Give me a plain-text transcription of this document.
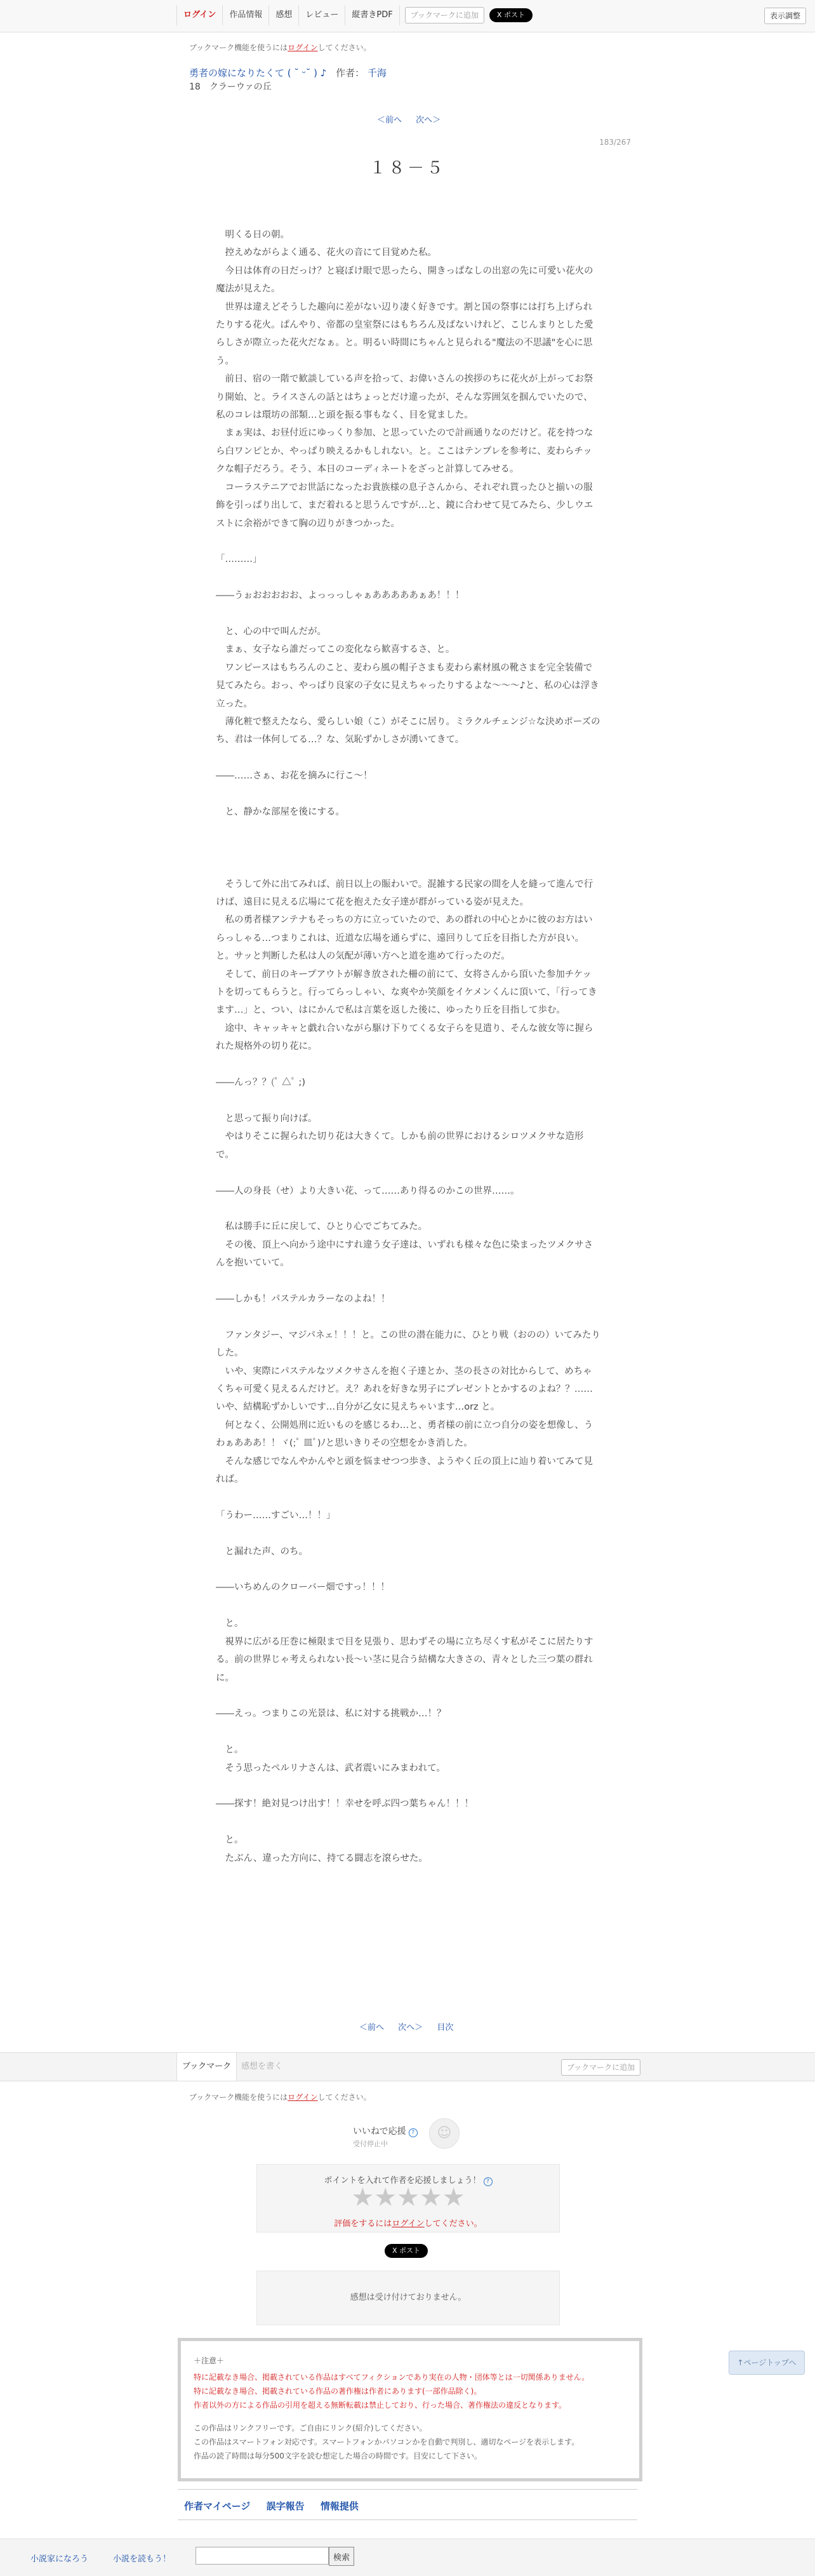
ログイン	作品情報	感想	レビュー	縦書きPDF	ブックマークに追加	X ポスト	表示調整
ブックマーク機能を使うにはログインしてください。
勇者の嫁になりたくて ( ˘ ᵕ˘ ) ♪ 作者： 千海
18　クラーウァの丘
＜前へ 次へ＞
183/267
１８－５

　明くる日の朝。

　控えめながらよく通る、花火の音にて目覚めた私。

　今日は体育の日だっけ？と寝ぼけ眼で思ったら、開きっぱなしの出窓の先に可愛い花火の魔法が見えた。

　世界は違えどそうした趣向に差がない辺り凄く好きです。割と国の祭事には打ち上げられたりする花火。ぱんやり、帝都の皇室祭にはもちろん及ばないけれど、こじんまりとした愛らしさが際立った花火だなぁ。と。明るい時間にちゃんと見られる"魔法の不思議"を心に思う。

　前日、宿の一階で歓談している声を拾って、お偉いさんの挨拶のちに花火が上がってお祭り開始、と。ライスさんの話とはちょっとだけ違ったが、そんな雰囲気を掴んでいたので、私のコレは環坊の部類…と頭を振る事もなく、目を覚ました。

　まぁ実は、お昼付近にゆっくり参加、と思っていたので計画通りなのだけど。花を持つなら白ワンピとか、やっぱり映えるかもしれない。と。ここはテンプレを参考に、麦わらチックな帽子だろう。そう、本日のコーディネートをざっと計算してみせる。

　コーラステニアでお世話になったお貴族様の息子さんから、それぞれ貰ったひと揃いの服飾を引っぱり出して、まだ着れると思うんですが…と、鏡に合わせて見てみたら、少しウエストに余裕ができて胸の辺りがきつかった。

「………」

――うぉおおおおお、よっっっしゃぁあああああぁあ！！！

　と、心の中で叫んだが。

　まぁ、女子なら誰だってこの変化なら歓喜するさ、と。

　ワンピースはもちろんのこと、麦わら風の帽子さまも麦わら素材風の靴さまを完全装備で見てみたら。おっ、やっぱり良家の子女に見えちゃったりするよな～～～♪と、私の心は浮き立った。

　薄化粧で整えたなら、愛らしい娘（こ）がそこに居り。ミラクルチェンジ☆な決めポーズのち、君は一体何してる…？な、気恥ずかしさが湧いてきて。

――……さぁ、お花を摘みに行こ～！

　と、静かな部屋を後にする。

　そうして外に出てみれば、前日以上の賑わいで。混雑する民家の間を人を縫って進んで行けば、遠目に見える広場にて花を抱えた女子達が群がっている姿が見えた。

　私の勇者様アンテナもそっちの方に立っていたので、あの群れの中心とかに彼のお方はいらっしゃる…つまりこれは、近道な広場を通らずに、遠回りして丘を目指した方が良い。と。サッと判断した私は人の気配が薄い方へと道を進めて行ったのだ。

　そして、前日のキープアウトが解き放された柵の前にて、女将さんから頂いた参加チケットを切ってもらうと。行ってらっしゃい、な爽やか笑顔をイケメンくんに頂いて、「行ってきます…」と、つい、はにかんで私は言葉を返した後に、ゆったり丘を目指して歩む。

　途中、キャッキャと戯れ合いながら駆け下りてくる女子らを見遣り、そんな彼女等に握られた規格外の切り花に。

――んっ？？(ﾟ △ﾟ ;)

　と思って振り向けば。

　やはりそこに握られた切り花は大きくて。しかも前の世界におけるシロツメクサな造形で。

――人の身長（せ）より大きい花、って……あり得るのかこの世界……。

　私は勝手に丘に戻して、ひとり心でごちてみた。

　その後、頂上へ向かう途中にすれ違う女子達は、いずれも様々な色に染まったツメクサさんを抱いていて。

――しかも！パステルカラーなのよね！！

　ファンタジー、マジパネェ！！！と。この世の潜在能力に、ひとり戦（おのの）いてみたりした。

　いや、実際にパステルなツメクサさんを抱く子達とか、茎の長さの対比からして、めちゃくちゃ可愛く見えるんだけど。え？あれを好きな男子にプレゼントとかするのよね？？……いや、結構恥ずかしいです…自分が乙女に見えちゃいます…orz と。

　何となく、公開処刑に近いものを感じるわ…と、勇者様の前に立つ自分の姿を想像し、うわぁあああ！！ヾ(;ﾟ 皿ﾟ)ﾉと思いきりその空想をかき消した。

　そんな感じでなんやかんやと頭を悩ませつつ歩き、ようやく丘の頂上に辿り着いてみて見れば。

「うわー……すごい…！！」

　と漏れた声、のち。

――いちめんのクローバー畑ですっ！！！

　と。

　視界に広がる圧巻に極限まで目を見張り、思わずその場に立ち尽くす私がそこに居たりする。前の世界じゃ考えられない長～い茎に見合う結構な大きさの、青々とした三つ葉の群れに。

――えっ。つまりこの光景は、私に対する挑戦か…！？

　と。

　そう思ったペルリナさんは、武者震いにみまわれて。

――探す！絶対見つけ出す！！幸せを呼ぶ四つ葉ちゃん！！！

　と。

　たぶん、違った方向に、持てる闘志を滾らせた。

＜前へ 次へ＞ 目次
ブックマーク	感想を書く	ブックマークに追加
ブックマーク機能を使うにはログインしてください。
いいねで応援 ?
受付停止中
☺
ポイントを入れて作者を応援しましょう！ ?
★★★★★
評価をするにはログインしてください。
X ポスト
感想は受け付けておりません。
↑ページトップへ
＋注意＋
特に記載なき場合、掲載されている作品はすべてフィクションであり実在の人物・団体等とは一切関係ありません。
特に記載なき場合、掲載されている作品の著作権は作者にあります(一部作品除く)。
作者以外の方による作品の引用を超える無断転載は禁止しており、行った場合、著作権法の違反となります。
この作品はリンクフリーです。ご自由にリンク(紹介)してください。
この作品はスマートフォン対応です。スマートフォンかパソコンかを自動で判別し、適切なページを表示します。
作品の読了時間は毎分500文字を読む想定した場合の時間です。目安にして下さい。
作者マイページ 誤字報告 情報提供
小説家になろう	小説を読もう！	検索
